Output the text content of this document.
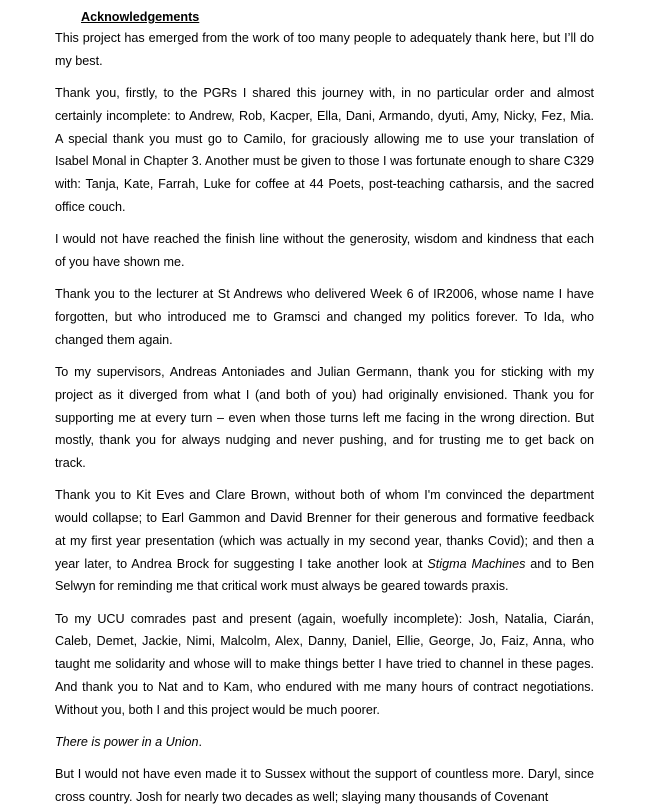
Acknowledgements

This project has emerged from the work of too many people to adequately thank here, but I’ll do my best.

Thank you, firstly, to the PGRs I shared this journey with, in no particular order and almost certainly incomplete: to Andrew, Rob, Kacper, Ella, Dani, Armando, dyuti, Amy, Nicky, Fez, Mia. A special thank you must go to Camilo, for graciously allowing me to use your translation of Isabel Monal in Chapter 3. Another must be given to those I was fortunate enough to share C329 with: Tanja, Kate, Farrah, Luke for coffee at 44 Poets, post-teaching catharsis, and the sacred office couch.

I would not have reached the finish line without the generosity, wisdom and kindness that each of you have shown me.

Thank you to the lecturer at St Andrews who delivered Week 6 of IR2006, whose name I have forgotten, but who introduced me to Gramsci and changed my politics forever. To Ida, who changed them again.

To my supervisors, Andreas Antoniades and Julian Germann, thank you for sticking with my project as it diverged from what I (and both of you) had originally envisioned. Thank you for supporting me at every turn – even when those turns left me facing in the wrong direction. But mostly, thank you for always nudging and never pushing, and for trusting me to get back on track.

Thank you to Kit Eves and Clare Brown, without both of whom I'm convinced the department would collapse; to Earl Gammon and David Brenner for their generous and formative feedback at my first year presentation (which was actually in my second year, thanks Covid); and then a year later, to Andrea Brock for suggesting I take another look at Stigma Machines and to Ben Selwyn for reminding me that critical work must always be geared towards praxis.

To my UCU comrades past and present (again, woefully incomplete): Josh, Natalia, Ciarán, Caleb, Demet, Jackie, Nimi, Malcolm, Alex, Danny, Daniel, Ellie, George, Jo, Faiz, Anna, who taught me solidarity and whose will to make things better I have tried to channel in these pages. And thank you to Nat and to Kam, who endured with me many hours of contract negotiations. Without you, both I and this project would be much poorer.

There is power in a Union.

But I would not have even made it to Sussex without the support of countless more. Daryl, since cross country. Josh for nearly two decades as well; slaying many thousands of Covenant
